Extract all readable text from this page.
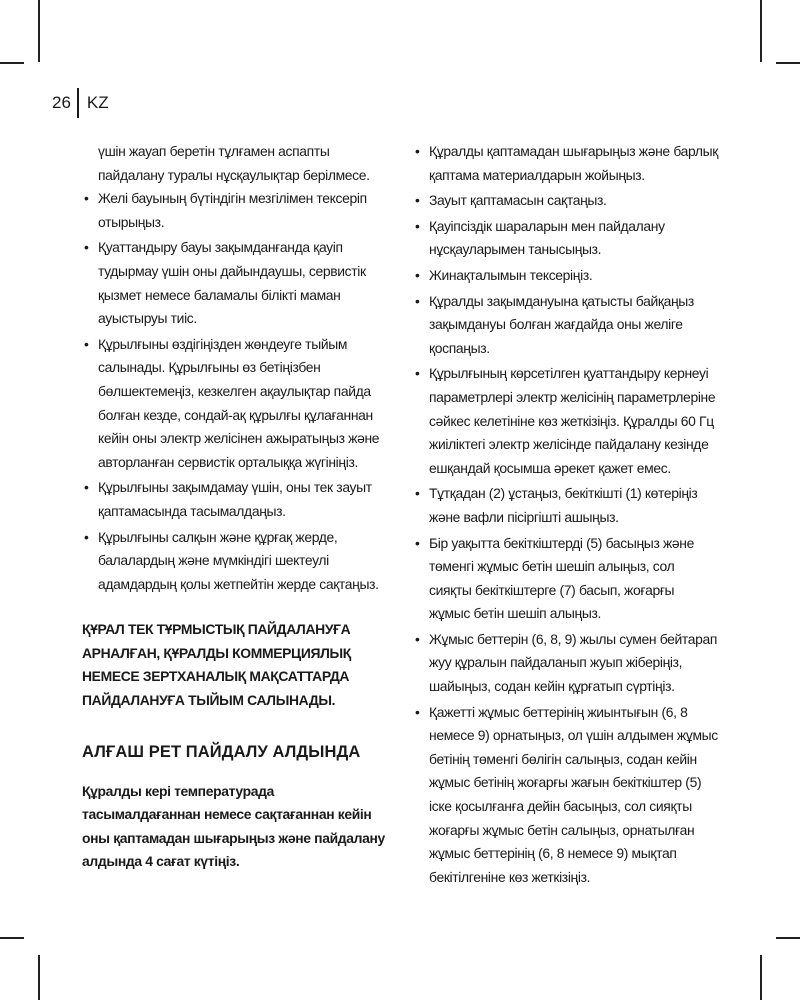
26 KZ

үшін жауап беретін тұлғамен аспапты пайдалану туралы нұсқаулықтар берілмесе.

• Желі бауының бүтіндігін мезгілімен тексеріп отырыңыз.
• Қуаттандыру бауы зақымданғанда қауіп тудырмау үшін оны дайындаушы, сервистік қызмет немесе баламалы білікті маман ауыстыруы тиіс.
• Құрылғыны өздігіңізден жөндеуге тыйым салынады. Құрылғыны өз бетіңізбен бөлшектемеңіз, кезкелген ақаулықтар пайда болған кезде, сондай-ақ құрылғы құлағаннан кейін оны электр желісінен ажыратыңыз және авторланған сервистік орталыққа жүгініңіз.
• Құрылғыны зақымдамау үшін, оны тек зауыт қаптамасында тасымалдаңыз.
• Құрылғыны салқын және құрғақ жерде, балалардың және мүмкіндігі шектеулі адамдардың қолы жетпейтін жерде сақтаңыз.

ҚҰРАЛ ТЕК ТҰРМЫСТЫҚ ПАЙДАЛАНУҒА АРНАЛҒАН, ҚҰРАЛДЫ КОММЕРЦИЯЛЫҚ НЕМЕСЕ ЗЕРТХАНАЛЫҚ МАҚСАТТАРДА ПАЙДАЛАНУҒА ТЫЙЫМ САЛЫНАДЫ.

АЛҒАШ РЕТ ПАЙДАЛУ АЛДЫНДА

Құралды кері температурада тасымалдағаннан немесе сақтағаннан кейін оны қаптамадан шығарыңыз және пайдалану алдында 4 сағат күтіңіз.

• Құралды қаптамадан шығарыңыз және барлық қаптама материалдарын жойыңыз.
• Зауыт қаптамасын сақтаңыз.
• Қауіпсіздік шараларын мен пайдалану нұсқауларымен танысыңыз.
• Жинақталымын тексеріңіз.
• Құралды зақымдануына қатысты байқаңыз зақымдануы болған жағдайда оны желіге қоспаңыз.
• Құрылғының көрсетілген қуаттандыру кернеуі параметрлері электр желісінің параметрлеріне сәйкес келетініне көз жеткізіңіз. Құралды 60 Гц жиіліктегі электр желісінде пайдалану кезінде ешқандай қосымша әрекет қажет емес.
• Тұтқадан (2) ұстаңыз, бекіткішті (1) көтеріңіз және вафли пісіргішті ашыңыз.
• Бір уақытта бекіткіштерді (5) басыңыз және төменгі жұмыс бетін шешіп алыңыз, сол сияқты бекіткіштерге (7) басып, жоғарғы жұмыс бетін шешіп алыңыз.
• Жұмыс беттерін (6, 8, 9) жылы сумен бейтарап жуу құралын пайдаланып жуып жіберіңіз, шайыңыз, содан кейін құрғатып сүртіңіз.
• Қажетті жұмыс беттерінің жиынтығын (6, 8 немесе 9) орнатыңыз, ол үшін алдымен жұмыс бетінің төменгі бөлігін салыңыз, содан кейін жұмыс бетінің жоғарғы жағын бекіткіштер (5) іске қосылғанға дейін басыңыз, сол сияқты жоғарғы жұмыс бетін салыңыз, орнатылған жұмыс беттерінің (6, 8 немесе 9) мықтап бекітілгеніне көз жеткізіңіз.
